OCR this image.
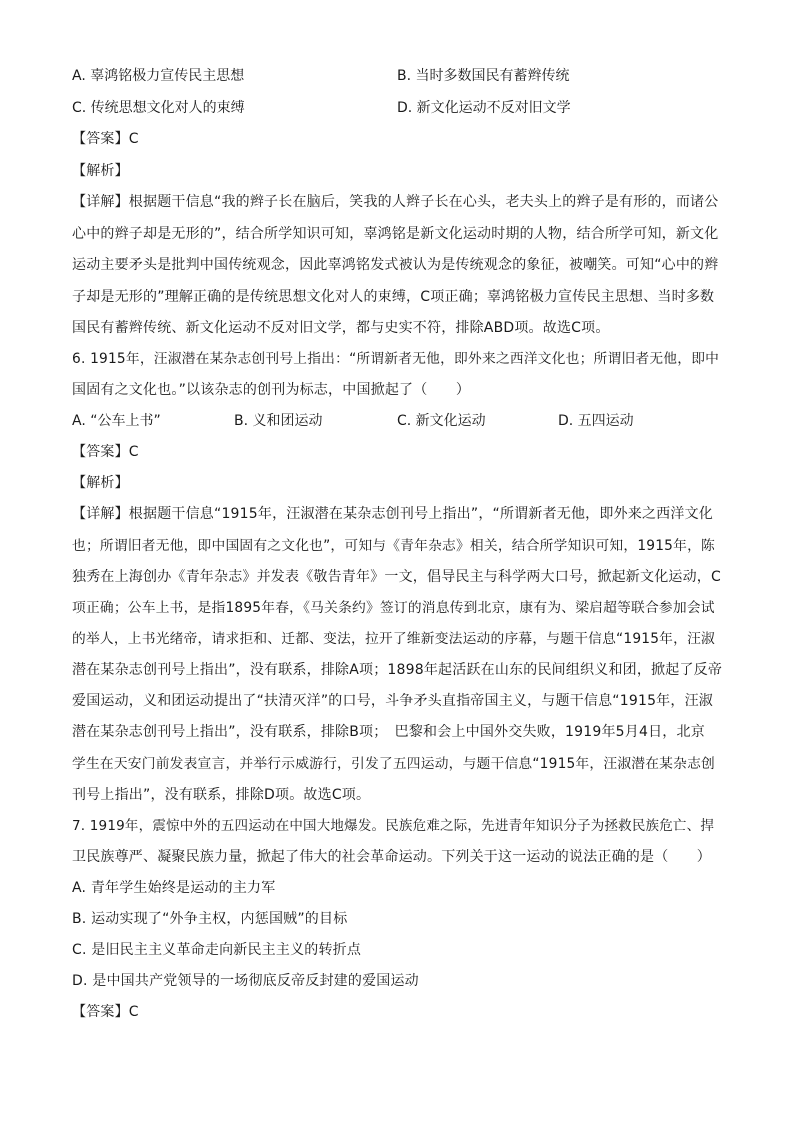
A. 辜鸿铭极力宣传民主思想	B. 当时多数国民有蓄辫传统
C. 传统思想文化对人的束缚	D. 新文化运动不反对旧文学
【答案】C
【解析】
【详解】根据题干信息“我的辫子长在脑后，笑我的人辫子长在心头，老夫头上的辫子是有形的，而诸公
心中的辫子却是无形的”，结合所学知识可知，辜鸿铭是新文化运动时期的人物，结合所学可知，新文化
运动主要矛头是批判中国传统观念，因此辜鸿铭发式被认为是传统观念的象征，被嘲笑。可知“心中的辫
子却是无形的”理解正确的是传统思想文化对人的束缚，C项正确；辜鸿铭极力宣传民主思想、当时多数
国民有蓄辫传统、新文化运动不反对旧文学，都与史实不符，排除ABD项。故选C项。
6. 1915年，汪淑潜在某杂志创刊号上指出：“所谓新者无他，即外来之西洋文化也；所谓旧者无他，即中
国固有之文化也。”以该杂志的创刊为标志，中国掀起了（　　）
A. “公车上书”	B. 义和团运动	C. 新文化运动	D. 五四运动
【答案】C
【解析】
【详解】根据题干信息“1915年，汪淑潜在某杂志创刊号上指出”，“所谓新者无他，即外来之西洋文化
也；所谓旧者无他，即中国固有之文化也”，可知与《青年杂志》相关，结合所学知识可知，1915年，陈
独秀在上海创办《青年杂志》并发表《敬告青年》一文，倡导民主与科学两大口号，掀起新文化运动，C
项正确；公车上书，是指1895年春，《马关条约》签订的消息传到北京，康有为、梁启超等联合参加会试
的举人，上书光绪帝，请求拒和、迁都、变法，拉开了维新变法运动的序幕，与题干信息“1915年，汪淑
潜在某杂志创刊号上指出”，没有联系，排除A项；1898年起活跃在山东的民间组织义和团，掀起了反帝
爱国运动，义和团运动提出了“扶清灭洋”的口号，斗争矛头直指帝国主义，与题干信息“1915年，汪淑
潜在某杂志创刊号上指出”，没有联系，排除B项；　巴黎和会上中国外交失败，1919年5月4日，北京
学生在天安门前发表宣言，并举行示威游行，引发了五四运动，与题干信息“1915年，汪淑潜在某杂志创
刊号上指出”，没有联系，排除D项。故选C项。
7. 1919年，震惊中外的五四运动在中国大地爆发。民族危难之际，先进青年知识分子为拯救民族危亡、捍
卫民族尊严、凝聚民族力量，掀起了伟大的社会革命运动。下列关于这一运动的说法正确的是（　　）
A. 青年学生始终是运动的主力军
B. 运动实现了“外争主权，内惩国贼”的目标
C. 是旧民主主义革命走向新民主主义的转折点
D. 是中国共产党领导的一场彻底反帝反封建的爱国运动
【答案】C
